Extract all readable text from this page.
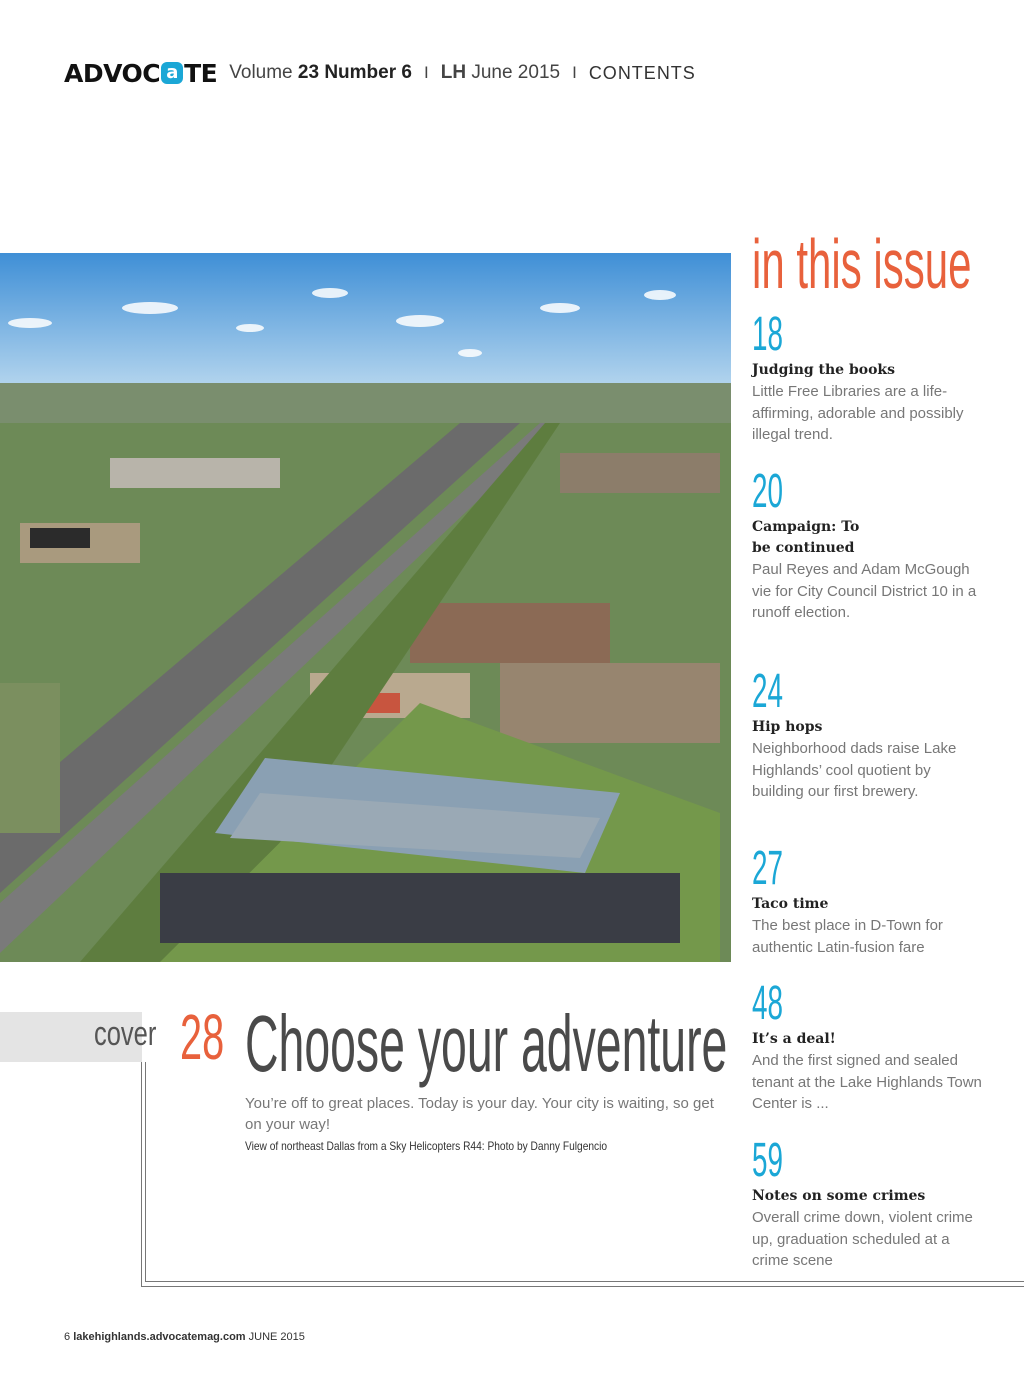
ADVOC a TE Volume 23 Number 6 I LH June 2015 I CONTENTS
in this issue
18
Judging the books
Little Free Libraries are a life-affirming, adorable and possibly illegal trend.
20
Campaign: To be continued
Paul Reyes and Adam McGough vie for City Council District 10 in a runoff election.
24
Hip hops
Neighborhood dads raise Lake Highlands’ cool quotient by building our first brewery.
27
Taco time
The best place in D-Town for authentic Latin-fusion fare
48
It’s a deal!
And the first signed and sealed tenant at the Lake Highlands Town Center is ...
59
Notes on some crimes
Overall crime down, violent crime up, graduation scheduled at a crime scene
cover 28 Choose your adventure
You’re off to great places. Today is your day. Your city is waiting, so get on your way!
View of northeast Dallas from a Sky Helicopters R44: Photo by Danny Fulgencio
6 lakehighlands.advocatemag.com JUNE 2015
